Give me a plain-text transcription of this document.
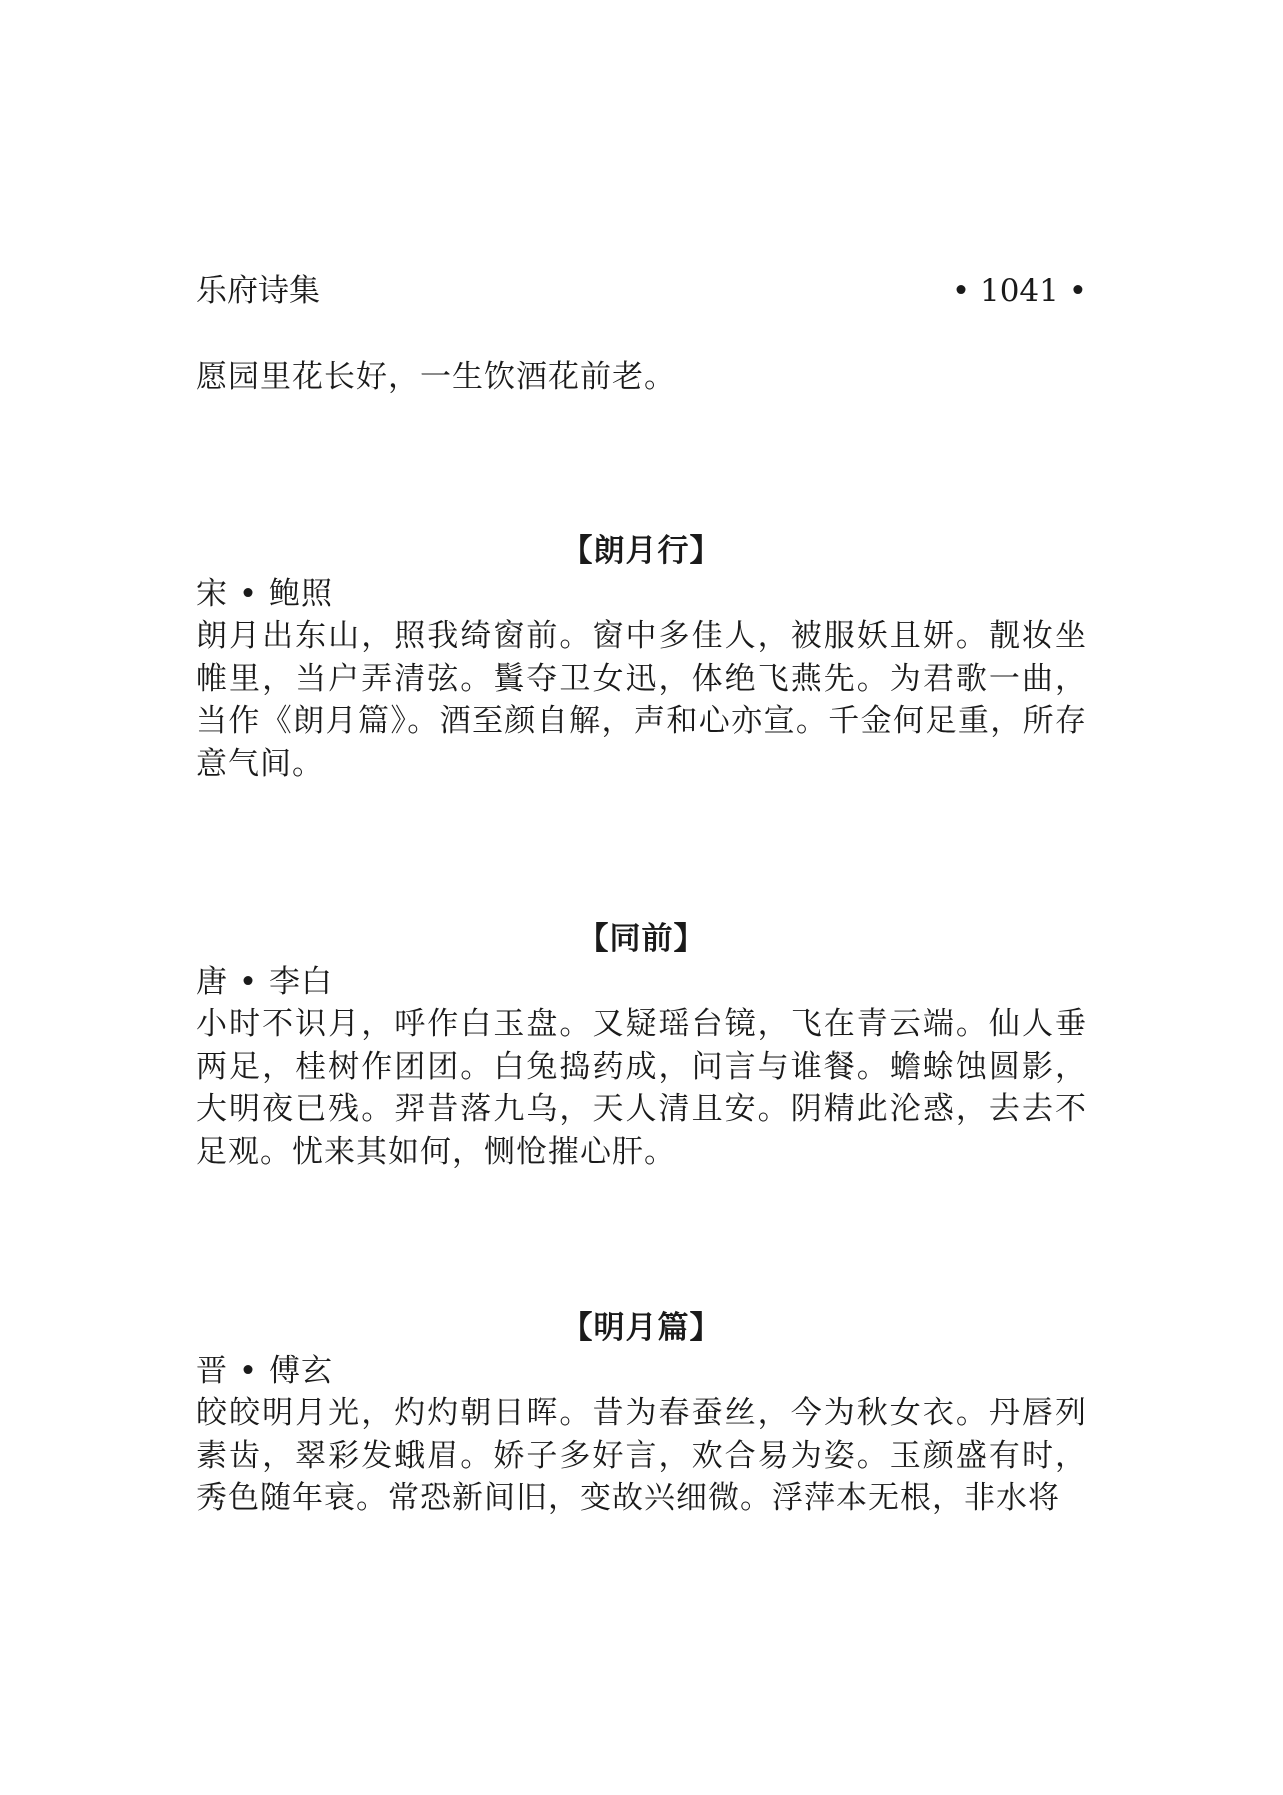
乐府诗集	• 1041 •

愿园里花长好，一生饮酒花前老。

【朗月行】

宋 • 鲍照

朗月出东山，照我绮窗前。窗中多佳人，被服妖且妍。靓妆坐帷里，当户弄清弦。鬒夺卫女迅，体绝飞燕先。为君歌一曲，当作《朗月篇》。酒至颜自解，声和心亦宣。千金何足重，所存意气间。

【同前】

唐 • 李白

小时不识月，呼作白玉盘。又疑瑶台镜，飞在青云端。仙人垂两足，桂树作团团。白兔捣药成，问言与谁餐。蟾蜍蚀圆影，大明夜已残。羿昔落九乌，天人清且安。阴精此沦惑，去去不足观。忧来其如何，恻怆摧心肝。

【明月篇】

晋 • 傅玄

皎皎明月光，灼灼朝日晖。昔为春蚕丝，今为秋女衣。丹唇列素齿，翠彩发蛾眉。娇子多好言，欢合易为姿。玉颜盛有时，秀色随年衰。常恐新间旧，变故兴细微。浮萍本无根，非水将
